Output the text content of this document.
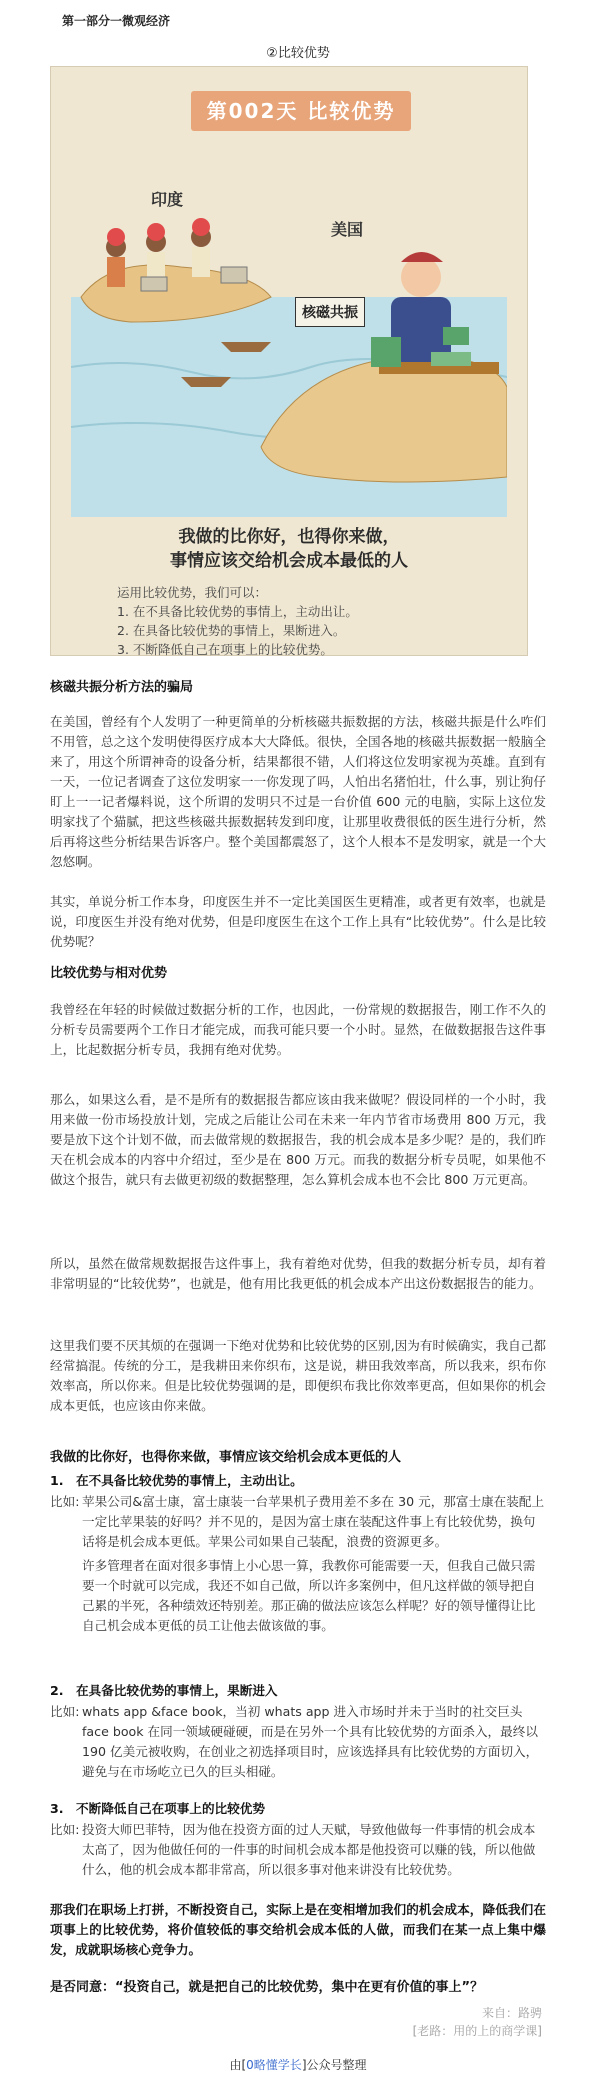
第一部分一微观经济
②比较优势
第002天 比较优势
印度
美国
核磁共振
我做的比你好，也得你来做，
事情应该交给机会成本最低的人
运用比较优势，我们可以：
1. 在不具备比较优势的事情上，主动出让。
2. 在具备比较优势的事情上，果断进入。
3. 不断降低自己在项事上的比较优势。
核磁共振分析方法的骗局
在美国，曾经有个人发明了一种更简单的分析核磁共振数据的方法，核磁共振是什么咋们不用管，总之这个发明使得医疗成本大大降低。很快，全国各地的核磁共振数据一般脑全来了，用这个所谓神奇的设备分析，结果都很不错，人们将这位发明家视为英雄。直到有一天，一位记者调查了这位发明家一一你发现了吗，人怕出名猪怕壮，什么事，别让狗仔盯上一一记者爆料说，这个所谓的发明只不过是一台价值 600 元的电脑，实际上这位发明家找了个猫腻，把这些核磁共振数据转发到印度，让那里收费很低的医生进行分析，然后再将这些分析结果告诉客户。整个美国都震怒了，这个人根本不是发明家，就是一个大忽悠啊。
其实，单说分析工作本身，印度医生并不一定比美国医生更精准，或者更有效率，也就是说，印度医生并没有绝对优势，但是印度医生在这个工作上具有“比较优势”。什么是比较优势呢？
比较优势与相对优势
我曾经在年轻的时候做过数据分析的工作，也因此，一份常规的数据报告，刚工作不久的分析专员需要两个工作日才能完成，而我可能只要一个小时。显然，在做数据报告这件事上，比起数据分析专员，我拥有绝对优势。
那么，如果这么看，是不是所有的数据报告都应该由我来做呢？假设同样的一个小时，我用来做一份市场投放计划，完成之后能让公司在未来一年内节省市场费用 800 万元，我要是放下这个计划不做，而去做常规的数据报告，我的机会成本是多少呢？是的，我们昨天在机会成本的内容中介绍过，至少是在 800 万元。而我的数据分析专员呢，如果他不做这个报告，就只有去做更初级的数据整理，怎么算机会成本也不会比 800 万元更高。
所以，虽然在做常规数据报告这件事上，我有着绝对优势，但我的数据分析专员，却有着非常明显的“比较优势”，也就是，他有用比我更低的机会成本产出这份数据报告的能力。
这里我们要不厌其烦的在强调一下绝对优势和比较优势的区别,因为有时候确实，我自己都经常搞混。传统的分工，是我耕田来你织布，这是说，耕田我效率高，所以我来，织布你效率高，所以你来。但是比较优势强调的是，即便织布我比你效率更高，但如果你的机会成本更低，也应该由你来做。
我做的比你好，也得你来做，事情应该交给机会成本更低的人
1. 在不具备比较优势的事情上，主动出让。
比如: 苹果公司&富士康，富士康装一台苹果机子费用差不多在 30 元，那富士康在装配上一定比苹果装的好吗？并不见的，是因为富士康在装配这件事上有比较优势，换句话将是机会成本更低。苹果公司如果自己装配，浪费的资源更多。
许多管理者在面对很多事情上小心思一算，我教你可能需要一天，但我自己做只需要一个时就可以完成，我还不如自己做，所以许多案例中，但凡这样做的领导把自己累的半死，各种绩效还特别差。那正确的做法应该怎么样呢？好的领导懂得让比自己机会成本更低的员工让他去做该做的事。
2. 在具备比较优势的事情上，果断进入
比如: whats app &face book，当初 whats app 进入市场时并未于当时的社交巨头 face book 在同一领域硬碰硬，而是在另外一个具有比较优势的方面杀入，最终以 190 亿美元被收购，在创业之初选择项目时，应该选择具有比较优势的方面切入，避免与在市场屹立已久的巨头相碰。
3. 不断降低自己在项事上的比较优势
比如: 投资大师巴菲特，因为他在投资方面的过人天赋，导致他做每一件事情的机会成本太高了，因为他做任何的一件事的时间机会成本都是他投资可以赚的钱，所以他做什么，他的机会成本都非常高，所以很多事对他来讲没有比较优势。
那我们在职场上打拼，不断投资自己，实际上是在变相增加我们的机会成本，降低我们在项事上的比较优势，将价值较低的事交给机会成本低的人做，而我们在某一点上集中爆发，成就职场核心竞争力。
是否同意：“投资自己，就是把自己的比较优势，集中在更有价值的事上”？
来自：路骋
[老路：用的上的商学课]
由[0略懂学长]公众号整理
